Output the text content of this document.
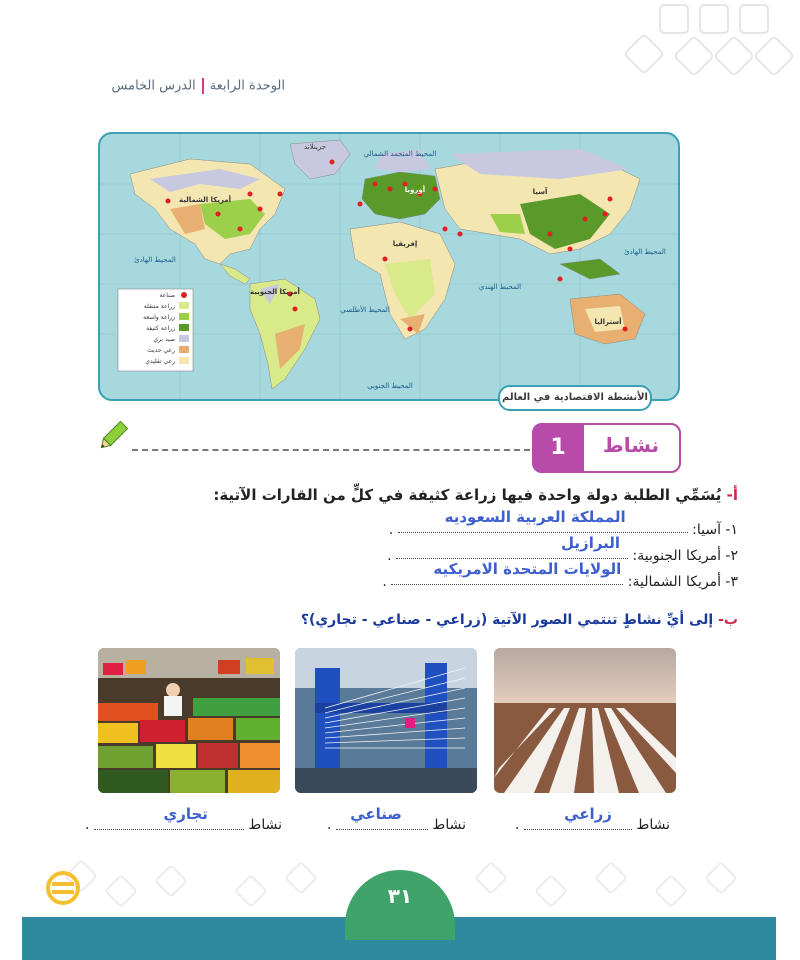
الوحدة الرابعةالدرس الخامس
جرينلاند
المحيط المتجمد الشمالي
أمريكا الشمالية
أوروبا	آسيا
إفريقيا
أمريكا الجنوبية
أستراليا
المحيط الهادئ
المحيط الهادئ
المحيط الأطلسي
المحيط الهندي
المحيط الجنوبي
صناعة
زراعة متنقلة
زراعة واسعة
زراعة كثيفة
صيد بري
رعي حديث
رعي تقليدي
الأنشطة الاقتصادية في العالم
1	نشاط
أ- يُسَمِّي الطلبة دولة واحدة فيها زراعة كثيفة في كلٍّ من القارات الآتية:
١- آسيا:
المملكة العربية السعوديه
.
٢- أمريكا الجنوبية:
البرازيل
.
٣- أمريكا الشمالية:
الولايات المتحدة الامريكيه
.
ب- إلى أيِّ نشاطٍ تنتمي الصور الآتية (زراعي - صناعي - تجاري)؟
نشاط
زراعي
.
نشاط
صناعي
.
نشاط
تجاري
.
٣١
